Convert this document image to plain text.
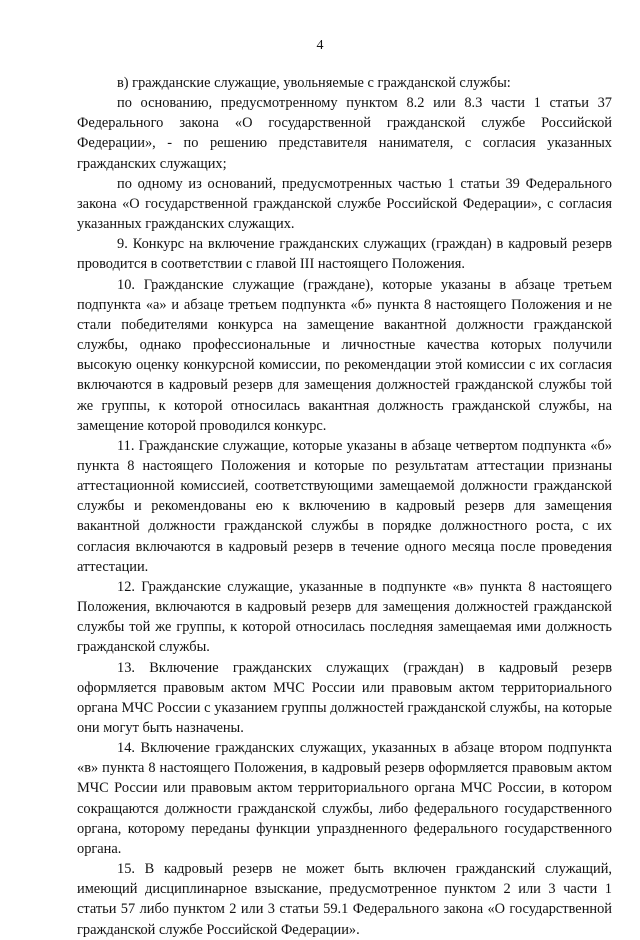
4

в) гражданские служащие, увольняемые с гражданской службы:

по основанию, предусмотренному пунктом 8.2 или 8.3 части 1 статьи 37 Федерального закона «О государственной гражданской службе Российской Федерации», - по решению представителя нанимателя, с согласия указанных гражданских служащих;

по одному из оснований, предусмотренных частью 1 статьи 39 Федерального закона «О государственной гражданской службе Российской Федерации», с согласия указанных гражданских служащих.

9. Конкурс на включение гражданских служащих (граждан) в кадровый резерв проводится в соответствии с главой III настоящего Положения.

10. Гражданские служащие (граждане), которые указаны в абзаце третьем подпункта «а» и абзаце третьем подпункта «б» пункта 8 настоящего Положения и не стали победителями конкурса на замещение вакантной должности гражданской службы, однако профессиональные и личностные качества которых получили высокую оценку конкурсной комиссии, по рекомендации этой комиссии с их согласия включаются в кадровый резерв для замещения должностей гражданской службы той же группы, к которой относилась вакантная должность гражданской службы, на замещение которой проводился конкурс.

11. Гражданские служащие, которые указаны в абзаце четвертом подпункта «б» пункта 8 настоящего Положения и которые по результатам аттестации признаны аттестационной комиссией, соответствующими замещаемой должности гражданской службы и рекомендованы ею к включению в кадровый резерв для замещения вакантной должности гражданской службы в порядке должностного роста, с их согласия включаются в кадровый резерв в течение одного месяца после проведения аттестации.

12. Гражданские служащие, указанные в подпункте «в» пункта 8 настоящего Положения, включаются в кадровый резерв для замещения должностей гражданской службы той же группы, к которой относилась последняя замещаемая ими должность гражданской службы.

13. Включение гражданских служащих (граждан) в кадровый резерв оформляется правовым актом МЧС России или правовым актом территориального органа МЧС России с указанием группы должностей гражданской службы, на которые они могут быть назначены.

14. Включение гражданских служащих, указанных в абзаце втором подпункта «в» пункта 8 настоящего Положения, в кадровый резерв оформляется правовым актом МЧС России или правовым актом территориального органа МЧС России, в котором сокращаются должности гражданской службы, либо федерального государственного органа, которому переданы функции упраздненного федерального государственного органа.

15. В кадровый резерв не может быть включен гражданский служащий, имеющий дисциплинарное взыскание, предусмотренное пунктом 2 или 3 части 1 статьи 57 либо пунктом 2 или 3 статьи 59.1 Федерального закона «О государственной гражданской службе Российской Федерации».
